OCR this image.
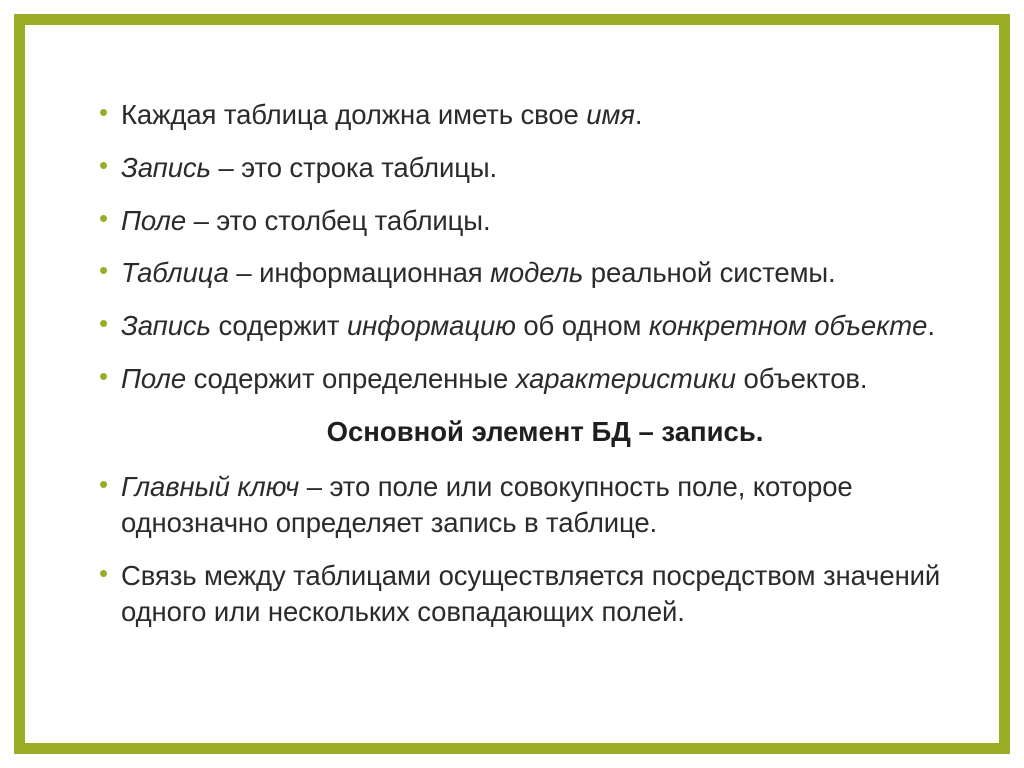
• Каждая таблица должна иметь свое имя.
• Запись – это строка таблицы.
• Поле – это столбец таблицы.
• Таблица – информационная модель реальной системы.
• Запись содержит информацию об одном конкретном объекте.
• Поле содержит определенные характеристики объектов.
Основной элемент БД – запись.
• Главный ключ – это поле или совокупность поле, которое однозначно определяет запись в таблице.
• Связь между таблицами осуществляется посредством значений одного или нескольких совпадающих полей.
